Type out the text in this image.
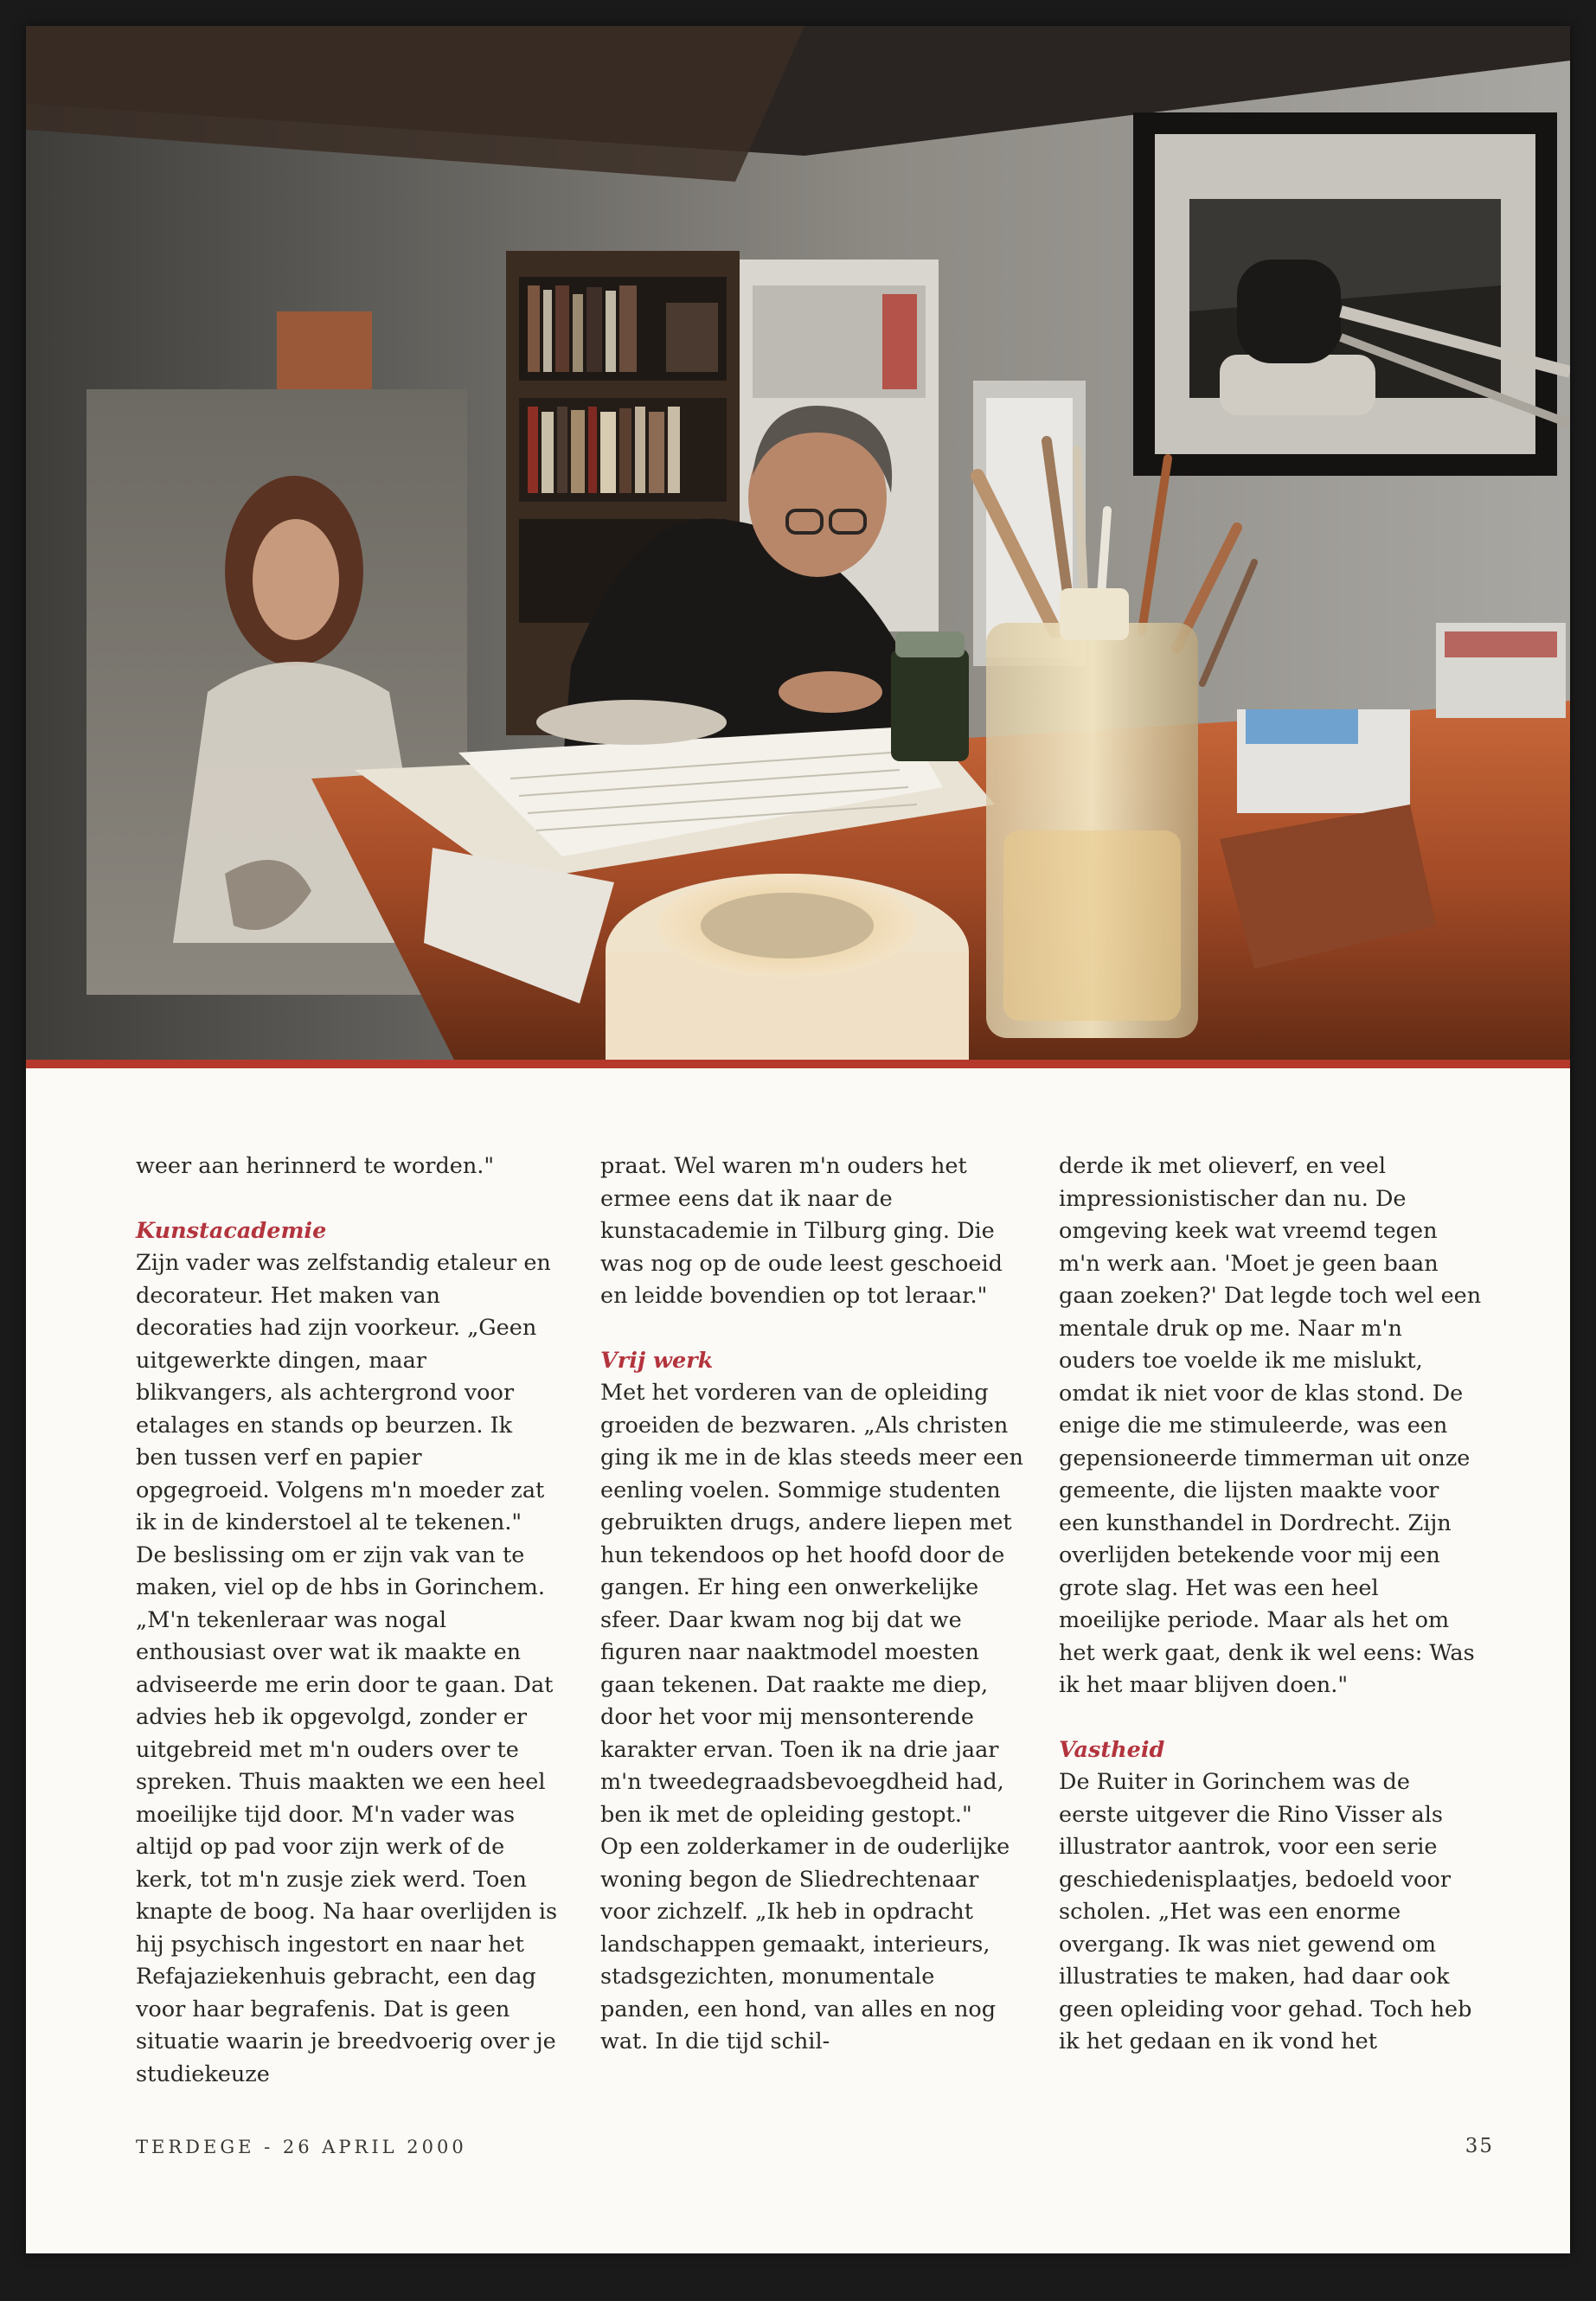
weer aan herinnerd te worden."

Kunstacademie

Zijn vader was zelfstandig etaleur en decorateur. Het maken van decoraties had zijn voorkeur. „Geen uitgewerkte dingen, maar blikvangers, als achtergrond voor etalages en stands op beurzen. Ik ben tussen verf en papier opgegroeid. Volgens m'n moeder zat ik in de kinderstoel al te tekenen."

De beslissing om er zijn vak van te maken, viel op de hbs in Gorinchem. „M'n tekenleraar was nogal enthousiast over wat ik maakte en adviseerde me erin door te gaan. Dat advies heb ik opgevolgd, zonder er uitgebreid met m'n ouders over te spreken. Thuis maakten we een heel moeilijke tijd door. M'n vader was altijd op pad voor zijn werk of de kerk, tot m'n zusje ziek werd. Toen knapte de boog. Na haar overlijden is hij psychisch ingestort en naar het Refajaziekenhuis gebracht, een dag voor haar begrafenis. Dat is geen situatie waarin je breedvoerig over je studiekeuze

praat. Wel waren m'n ouders het ermee eens dat ik naar de kunstacademie in Tilburg ging. Die was nog op de oude leest geschoeid en leidde bovendien op tot leraar."

Vrij werk

Met het vorderen van de opleiding groeiden de bezwaren. „Als christen ging ik me in de klas steeds meer een eenling voelen. Sommige studenten gebruikten drugs, andere liepen met hun tekendoos op het hoofd door de gangen. Er hing een onwerkelijke sfeer. Daar kwam nog bij dat we figuren naar naaktmodel moesten gaan tekenen. Dat raakte me diep, door het voor mij mensonterende karakter ervan. Toen ik na drie jaar m'n tweedegraadsbevoegdheid had, ben ik met de opleiding gestopt."

Op een zolderkamer in de ouderlijke woning begon de Sliedrechtenaar voor zichzelf. „Ik heb in opdracht landschappen gemaakt, interieurs, stadsgezichten, monumentale panden, een hond, van alles en nog wat. In die tijd schil-

derde ik met olieverf, en veel impressionistischer dan nu. De omgeving keek wat vreemd tegen m'n werk aan. 'Moet je geen baan gaan zoeken?' Dat legde toch wel een mentale druk op me. Naar m'n ouders toe voelde ik me mislukt, omdat ik niet voor de klas stond. De enige die me stimuleerde, was een gepensioneerde timmerman uit onze gemeente, die lijsten maakte voor een kunsthandel in Dordrecht. Zijn overlijden betekende voor mij een grote slag. Het was een heel moeilijke periode. Maar als het om het werk gaat, denk ik wel eens: Was ik het maar blijven doen."

Vastheid

De Ruiter in Gorinchem was de eerste uitgever die Rino Visser als illustrator aantrok, voor een serie geschiedenisplaatjes, bedoeld voor scholen. „Het was een enorme overgang. Ik was niet gewend om illustraties te maken, had daar ook geen opleiding voor gehad. Toch heb ik het gedaan en ik vond het

TERDEGE - 26 APRIL 2000	35
